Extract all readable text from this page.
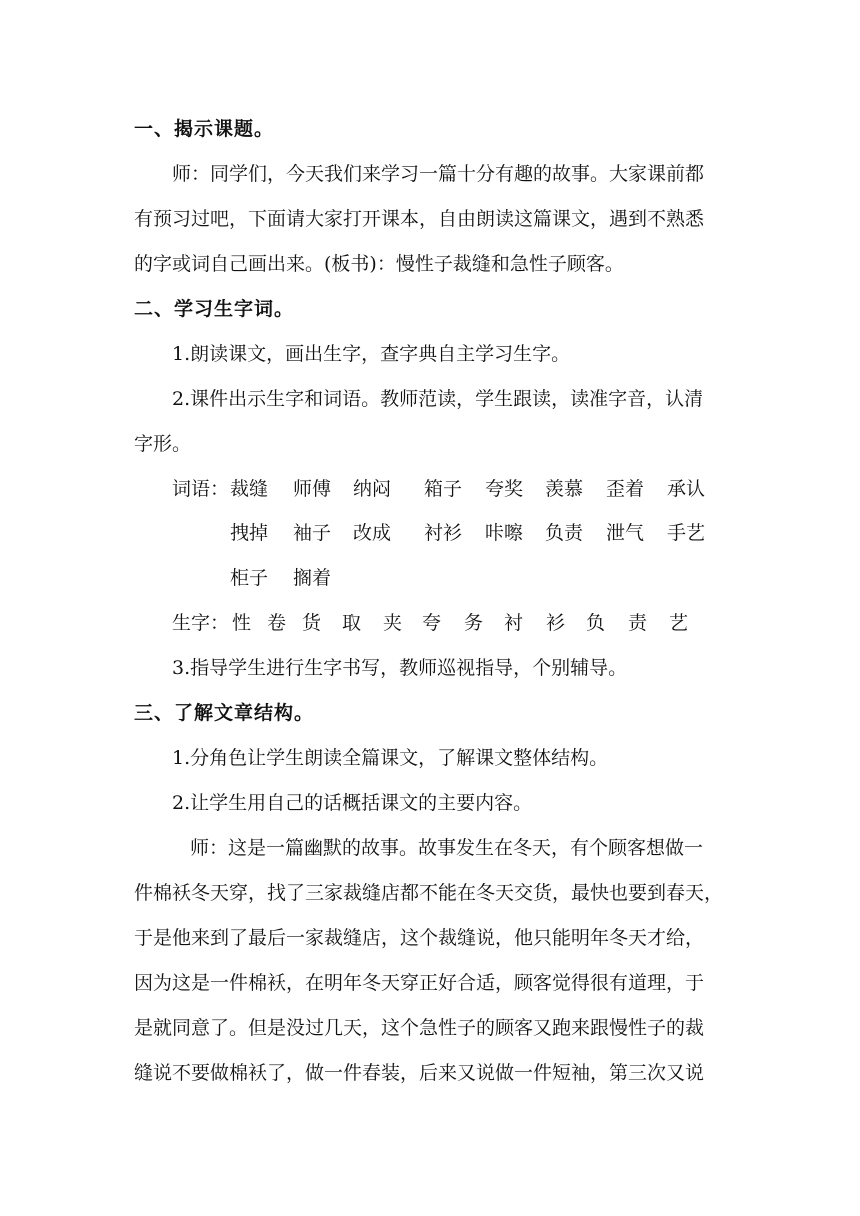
一、揭示课题。
师：同学们，今天我们来学习一篇十分有趣的故事。大家课前都
有预习过吧，下面请大家打开课本，自由朗读这篇课文，遇到不熟悉
的字或词自己画出来。(板书)：慢性子裁缝和急性子顾客。
二、学习生字词。
1.朗读课文，画出生字，查字典自主学习生字。
2.课件出示生字和词语。教师范读，学生跟读，读准字音，认清
字形。
词语： 裁缝 师傅 纳闷 箱子 夸奖 羡慕 歪着 承认
拽掉 袖子 改成 衬衫 咔嚓 负责 泄气 手艺
柜子 搁着
生字： 性 卷 货 取 夹 夸 务 衬 衫 负 责 艺
3.指导学生进行生字书写，教师巡视指导，个别辅导。
三、了解文章结构。
1.分角色让学生朗读全篇课文，了解课文整体结构。
2.让学生用自己的话概括课文的主要内容。
师：这是一篇幽默的故事。故事发生在冬天，有个顾客想做一
件棉袄冬天穿，找了三家裁缝店都不能在冬天交货，最快也要到春天，
于是他来到了最后一家裁缝店，这个裁缝说，他只能明年冬天才给，
因为这是一件棉袄，在明年冬天穿正好合适，顾客觉得很有道理，于
是就同意了。但是没过几天，这个急性子的顾客又跑来跟慢性子的裁
缝说不要做棉袄了，做一件春装，后来又说做一件短袖，第三次又说
